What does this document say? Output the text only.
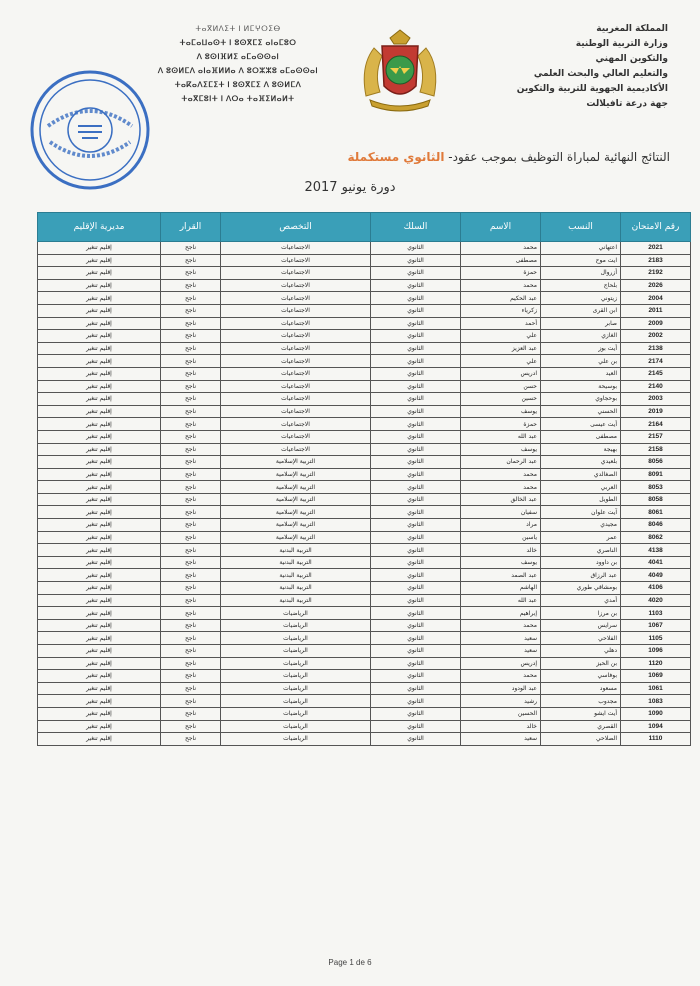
ⵜⴰⴳⵍⴷⵉⵜ ⵏ ⵍⵎⵖⵔⵉⴱ
ⵜⴰⵎⴰⵡⴰⵙⵜ ⵏ ⵓⵙⴳⵎⵉ ⴰⵏⴰⵎⵓⵔ
ⴷ ⵓⵙⵏⴼⵍⵉ ⴰⵎⴰⵙⵙⴰⵏ
ⴷ ⵓⵙⵍⵎⴷ ⴰⵏⴰⴼⵍⵍⴰ ⴷ ⵓⵔⵣⵣⵓ ⴰⵎⴰⵙⵙⴰⵏ
ⵜⴰⴽⴰⴷⵉⵎⵉⵜ ⵏ ⵓⵙⴳⵎⵉ ⴷ ⵓⵙⵍⵎⴷ
ⵜⴰⴳⵎⵓⵏⵜ ⵏ ⴷⵔⴰ ⵜⴰⴼⵉⵍⴰⵍⵜ
المملكة المغربية
وزارة التربية الوطنية
والتكوين المهني
والتعليم العالي والبحث العلمي
الأكاديمية الجهوية للتربية والتكوين
جهة درعة تافيلالت
النتائج النهائية لمباراة التوظيف بموجب عقود- الثانوي مستكملة
دورة يونيو 2017
رقم الامتحان	النسب	الاسم	السلك	التخصص	القرار	مديرية الإقليم
2021	اعتهاني	محمد	الثانوي	الاجتماعيات	ناجح	إقليم تنغير
2183	ايت موح	مصطفى	الثانوي	الاجتماعيات	ناجح	إقليم تنغير
2192	أزروال	حمزة	الثانوي	الاجتماعيات	ناجح	إقليم تنغير
2026	بلحاج	محمد	الثانوي	الاجتماعيات	ناجح	إقليم تنغير
2004	زيتوني	عبد الحكيم	الثانوي	الاجتماعيات	ناجح	إقليم تنغير
2011	ابن القرى	زكرياء	الثانوي	الاجتماعيات	ناجح	إقليم تنغير
2009	صابر	أحمد	الثانوي	الاجتماعيات	ناجح	إقليم تنغير
2002	الغازي	علي	الثانوي	الاجتماعيات	ناجح	إقليم تنغير
2138	أيت بوز	عبد العزيز	الثانوي	الاجتماعيات	ناجح	إقليم تنغير
2174	بن علي	علي	الثانوي	الاجتماعيات	ناجح	إقليم تنغير
2145	العيد	ادريس	الثانوي	الاجتماعيات	ناجح	إقليم تنغير
2140	بوسيحة	حسن	الثانوي	الاجتماعيات	ناجح	إقليم تنغير
2003	بوحجاوي	حسين	الثانوي	الاجتماعيات	ناجح	إقليم تنغير
2019	الحسني	يوسف	الثانوي	الاجتماعيات	ناجح	إقليم تنغير
2164	أيت عيسى	حمزة	الثانوي	الاجتماعيات	ناجح	إقليم تنغير
2157	مصطفى	عبد الله	الثانوي	الاجتماعيات	ناجح	إقليم تنغير
2158	بهيجة	يوسف	الثانوي	الاجتماعيات	ناجح	إقليم تنغير
8056	بلعيدي	عبد الرحمان	الثانوي	التربية الإسلامية	ناجح	إقليم تنغير
8091	الصغالدي	محمد	الثانوي	التربية الإسلامية	ناجح	إقليم تنغير
8053	العربي	محمد	الثانوي	التربية الإسلامية	ناجح	إقليم تنغير
8058	الطويل	عبد الخالق	الثانوي	التربية الإسلامية	ناجح	إقليم تنغير
8061	آيت علوان	سفيان	الثانوي	التربية الإسلامية	ناجح	إقليم تنغير
8046	مجيدي	مراد	الثانوي	التربية الإسلامية	ناجح	إقليم تنغير
8062	عمر	ياسين	الثانوي	التربية الإسلامية	ناجح	إقليم تنغير
4138	الناصري	خالد	الثانوي	التربية البدنية	ناجح	إقليم تنغير
4041	بن داوود	يوسف	الثانوي	التربية البدنية	ناجح	إقليم تنغير
4049	عبد الرزاق	عبد الصمد	الثانوي	التربية البدنية	ناجح	إقليم تنغير
4106	بومشاقي طوري	الهاشم	الثانوي	التربية البدنية	ناجح	إقليم تنغير
4020	أمدي	عبد الله	الثانوي	التربية البدنية	ناجح	إقليم تنغير
1103	بن مرزا	إبراهيم	الثانوي	الرياضيات	ناجح	إقليم تنغير
1067	سرايس	محمد	الثانوي	الرياضيات	ناجح	إقليم تنغير
1105	الفلاحي	سعيد	الثانوي	الرياضيات	ناجح	إقليم تنغير
1096	دهلي	سعيد	الثانوي	الرياضيات	ناجح	إقليم تنغير
1120	بن الحيز	إدريس	الثانوي	الرياضيات	ناجح	إقليم تنغير
1069	بوفاسي	محمد	الثانوي	الرياضيات	ناجح	إقليم تنغير
1061	مسعود	عبد الودود	الثانوي	الرياضيات	ناجح	إقليم تنغير
1083	مجدوب	رشيد	الثانوي	الرياضيات	ناجح	إقليم تنغير
1090	أيت ايشو	الحسين	الثانوي	الرياضيات	ناجح	إقليم تنغير
1094	القصري	خالد	الثانوي	الرياضيات	ناجح	إقليم تنغير
1110	الصلاحي	سعيد	الثانوي	الرياضيات	ناجح	إقليم تنغير
Page 1 de 6
